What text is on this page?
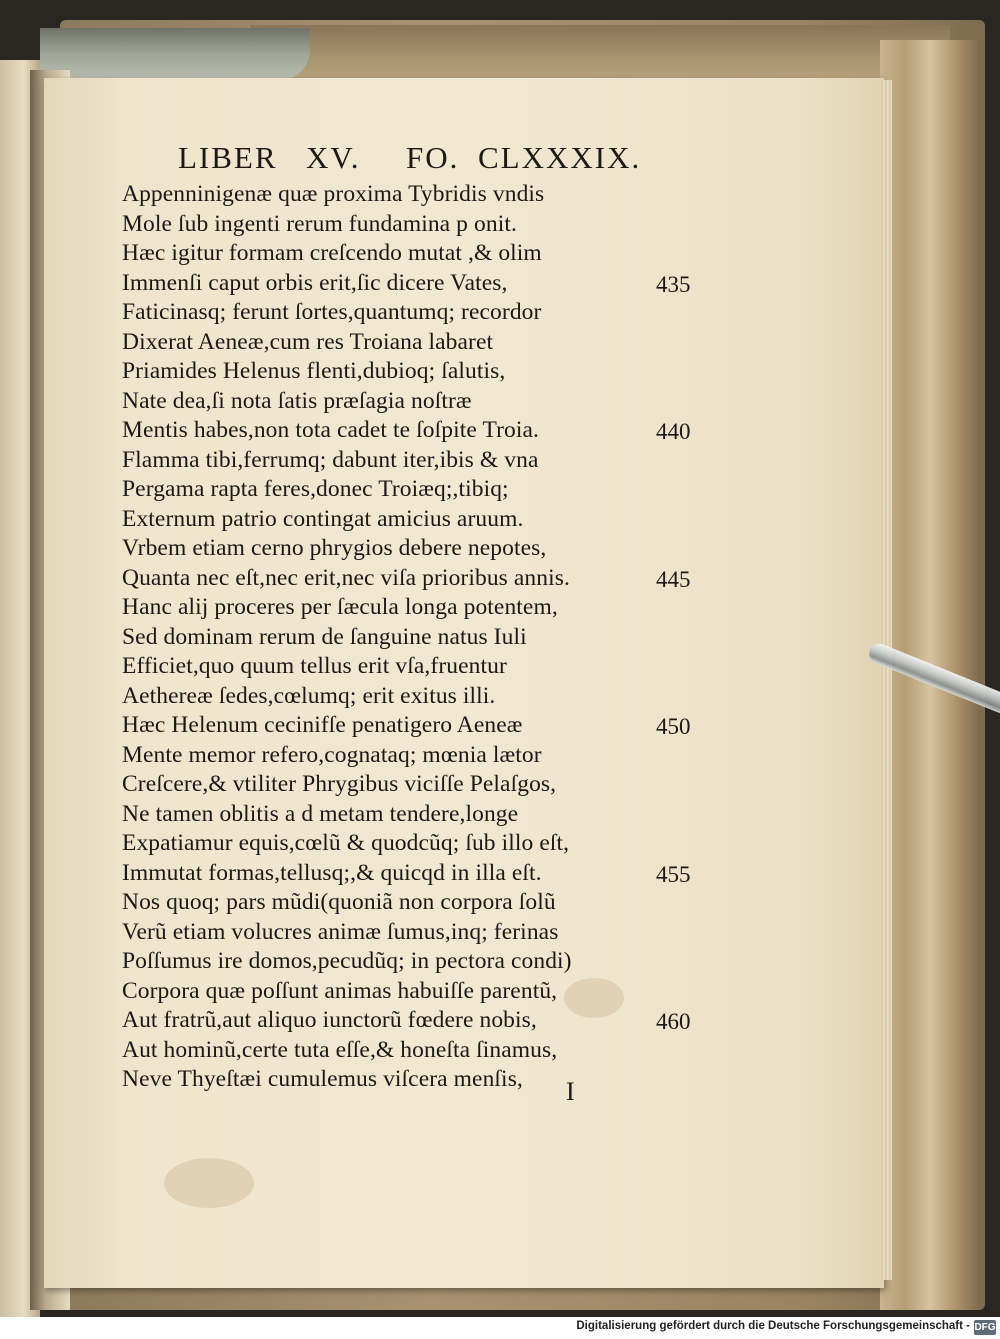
LIBER XV. FO. CLXXXIX.
Appenninigenæ quæ proxima Tybridis vndis
Mole ſub ingenti rerum fundamina p onit.
Hæc igitur formam creſcendo mutat ,& olim
Immenſi caput orbis erit,ſic dicere Vates,
Faticinasq; ferunt ſortes,quantumq; recordor
Dixerat Aeneæ,cum res Troiana labaret
Priamides Helenus flenti,dubioq; ſalutis,
Nate dea,ſi nota ſatis præſagia noſtræ
Mentis habes,non tota cadet te ſoſpite Troia.
Flamma tibi,ferrumq; dabunt iter,ibis & vna
Pergama rapta feres,donec Troiæq;,tibiq;
Externum patrio contingat amicius aruum.
Vrbem etiam cerno phrygios debere nepotes,
Quanta nec eſt,nec erit,nec viſa prioribus annis.
Hanc alij proceres per ſæcula longa potentem,
Sed dominam rerum de ſanguine natus Iuli
Efficiet,quo quum tellus erit vſa,fruentur
Aethereæ ſedes,cœlumq; erit exitus illi.
Hæc Helenum cecinifſe penatigero Aeneæ
Mente memor refero,cognataq; mœnia lætor
Creſcere,& vtiliter Phrygibus viciſſe Pelaſgos,
Ne tamen oblitis a d metam tendere,longe
Expatiamur equis,cœlũ & quodcũq; ſub illo eſt,
Immutat formas,tellusq;,& quicqd in illa eſt.
Nos quoq; pars mũdi(quoniã non corpora ſolũ
Verũ etiam volucres animæ ſumus,inq; ferinas
Poſſumus ire domos,pecudũq; in pectora condi)
Corpora quæ poſſunt animas habuiſſe parentũ,
Aut fratrũ,aut aliquo iunctorũ fœdere nobis,
Aut hominũ,certe tuta eſſe,& honeſta ſinamus,
Neve Thyeſtæi cumulemus viſcera menſis,
435
440
445
450
455
460
I
Digitalisierung gefördert durch die Deutsche Forschungsgemeinschaft - DFG
